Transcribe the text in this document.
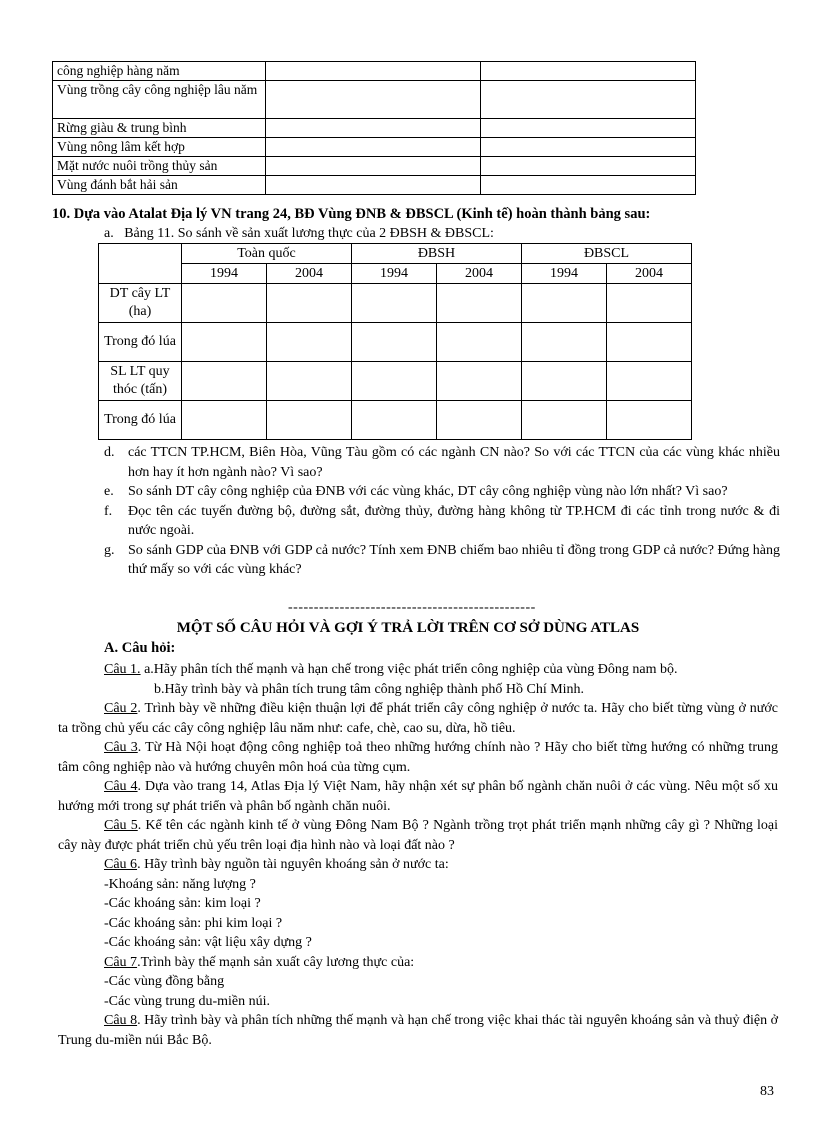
công nghiệp hàng năm		
Vùng trồng cây công nghiệp lâu năm		
Rừng giàu & trung bình		
Vùng nông lâm kết hợp		
Mặt nước nuôi trồng thủy sản		
Vùng đánh bắt hải sản		
10. Dựa vào Atalat Địa lý VN trang 24, BĐ Vùng ĐNB & ĐBSCL (Kinh tế) hoàn thành bảng sau:
a. Bảng 11. So sánh về sản xuất lương thực của 2 ĐBSH & ĐBSCL:
	Toàn quốc		ĐBSH		ĐBSCL	
	1994	2004	1994	2004	1994	2004
DT cây LT (ha)						
Trong đó lúa						
SL LT quy thóc (tấn)						
Trong đó lúa						
d. các TTCN TP.HCM, Biên Hòa, Vũng Tàu gồm có các ngành CN nào? So với các TTCN của các vùng khác nhiều hơn hay ít hơn ngành nào? Vì sao?
e.	So sánh DT cây công nghiệp của ĐNB với các vùng khác, DT cây công nghiệp vùng nào lớn nhất? Vì sao?
f.	Đọc tên các tuyến đường bộ, đường sắt, đường thủy, đường hàng không từ TP.HCM đi các tỉnh trong nước & đi nước ngoài.
g. So sánh GDP của ĐNB với GDP cả nước? Tính xem ĐNB chiếm bao nhiêu tỉ đồng trong GDP cả nước? Đứng hàng thứ mấy so với các vùng khác?
------------------------------------------------
MỘT SỐ CÂU HỎI VÀ GỢI Ý TRẢ LỜI TRÊN CƠ SỞ DÙNG ATLAS
A. Câu hỏi:

Câu 1. a.Hãy phân tích thế mạnh và hạn chế trong việc phát triển công nghiệp của vùng Đông nam bộ.

b.Hãy trình bày và phân tích trung tâm công nghiệp thành phố Hồ Chí Minh.

Câu 2. Trình bày về những điều kiện thuận lợi để phát triển cây công nghiệp ở nước ta. Hãy cho biết từng vùng ở nước ta trồng chủ yếu các cây công nghiệp lâu năm như: cafe, chè, cao su, dừa, hồ tiêu.

Câu 3. Từ Hà Nội hoạt động công nghiệp toả theo những hướng chính nào ? Hãy cho biết từng hướng có những trung tâm công nghiệp nào và hướng chuyên môn hoá của từng cụm.

Câu 4. Dựa vào trang 14, Atlas Địa lý Việt Nam, hãy nhận xét sự phân bố ngành chăn nuôi ở các vùng. Nêu một số xu hướng mới trong sự phát triển và phân bố ngành chăn nuôi.

Câu 5. Kể tên các ngành kinh tế ở vùng Đông Nam Bộ ? Ngành trồng trọt phát triển mạnh những cây gì ? Những loại cây này được phát triển chủ yếu trên loại địa hình nào và loại đất nào ?

Câu 6. Hãy trình bày nguồn tài nguyên khoáng sản ở nước ta:

-Khoáng sản: năng lượng ?

-Các khoáng sản: kim loại ?

-Các khoáng sản: phi kim loại ?

-Các khoáng sản: vật liệu xây dựng ?

Câu 7.Trình bày thế mạnh sản xuất cây lương thực của:

-Các vùng đồng bằng

-Các vùng trung du-miền núi.

Câu 8. Hãy trình bày và phân tích những thế mạnh và hạn chế trong việc khai thác tài nguyên khoáng sản và thuỷ điện ở Trung du-miền núi Bắc Bộ.

83
